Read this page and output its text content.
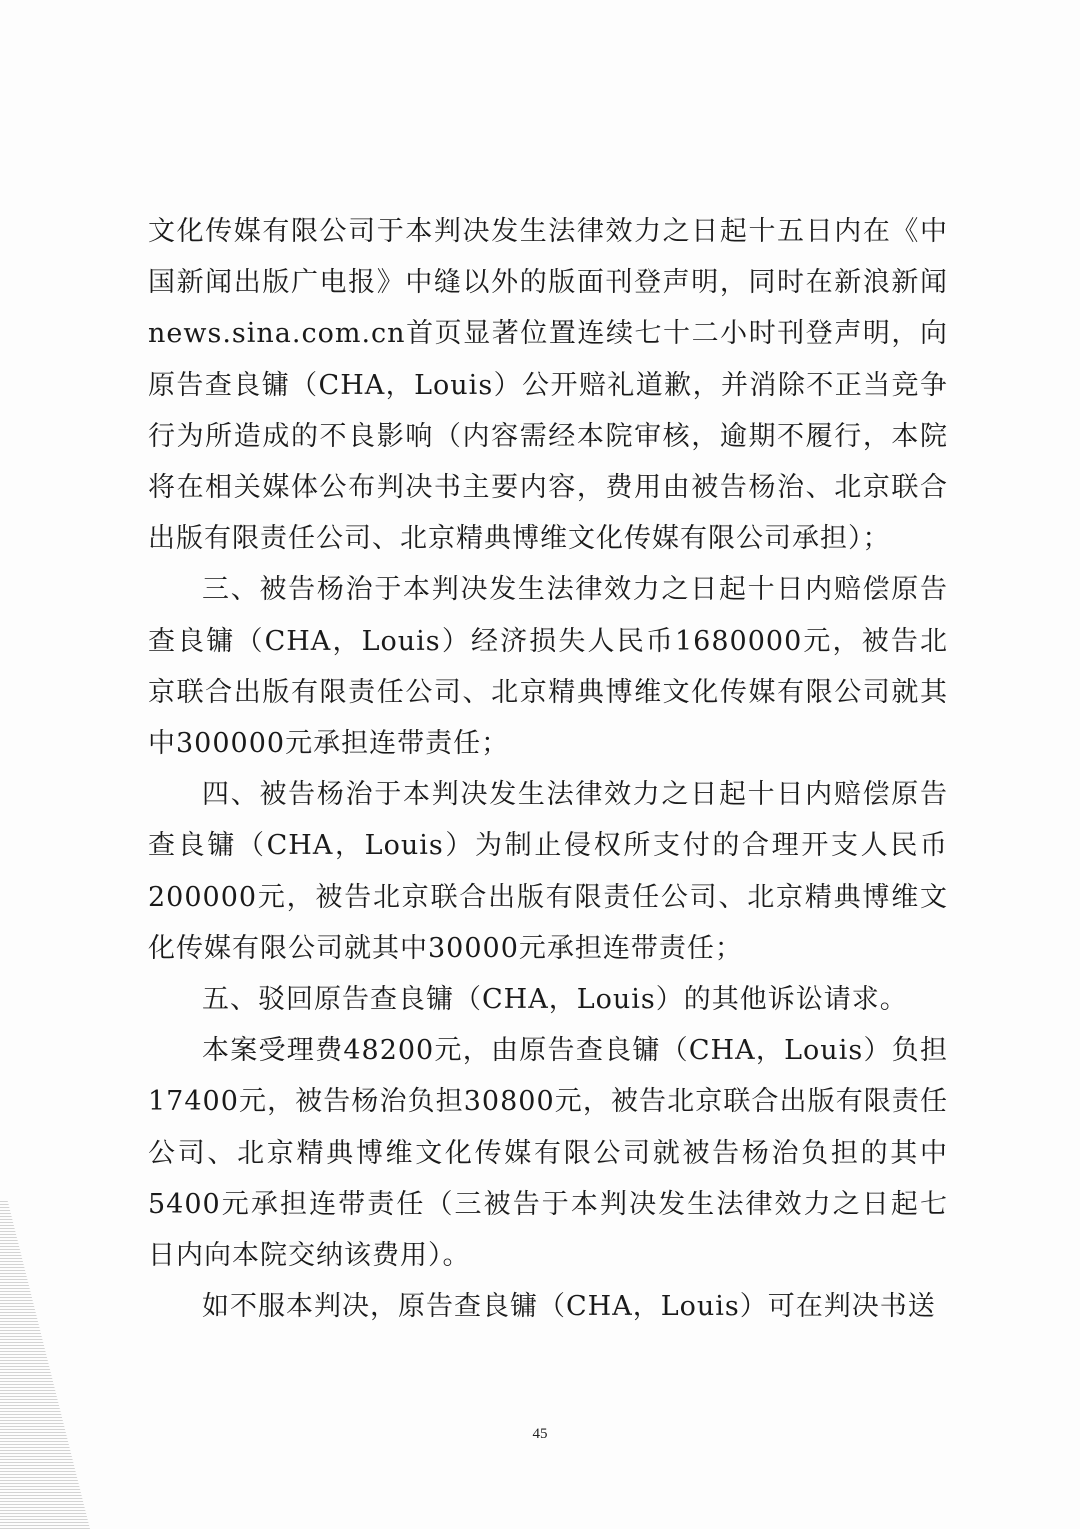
文化传媒有限公司于本判决发生法律效力之日起十五日内在《中国新闻出版广电报》中缝以外的版面刊登声明，同时在新浪新闻news.sina.com.cn首页显著位置连续七十二小时刊登声明，向原告查良镛（CHA，Louis）公开赔礼道歉，并消除不正当竞争行为所造成的不良影响（内容需经本院审核，逾期不履行，本院将在相关媒体公布判决书主要内容，费用由被告杨治、北京联合出版有限责任公司、北京精典博维文化传媒有限公司承担）；

三、被告杨治于本判决发生法律效力之日起十日内赔偿原告查良镛（CHA，Louis）经济损失人民币1680000元，被告北京联合出版有限责任公司、北京精典博维文化传媒有限公司就其中300000元承担连带责任；

四、被告杨治于本判决发生法律效力之日起十日内赔偿原告查良镛（CHA，Louis）为制止侵权所支付的合理开支人民币200000元，被告北京联合出版有限责任公司、北京精典博维文化传媒有限公司就其中30000元承担连带责任；

五、驳回原告查良镛（CHA，Louis）的其他诉讼请求。

本案受理费48200元，由原告查良镛（CHA，Louis）负担17400元，被告杨治负担30800元，被告北京联合出版有限责任公司、北京精典博维文化传媒有限公司就被告杨治负担的其中5400元承担连带责任（三被告于本判决发生法律效力之日起七日内向本院交纳该费用）。

如不服本判决，原告查良镛（CHA，Louis）可在判决书送

45
